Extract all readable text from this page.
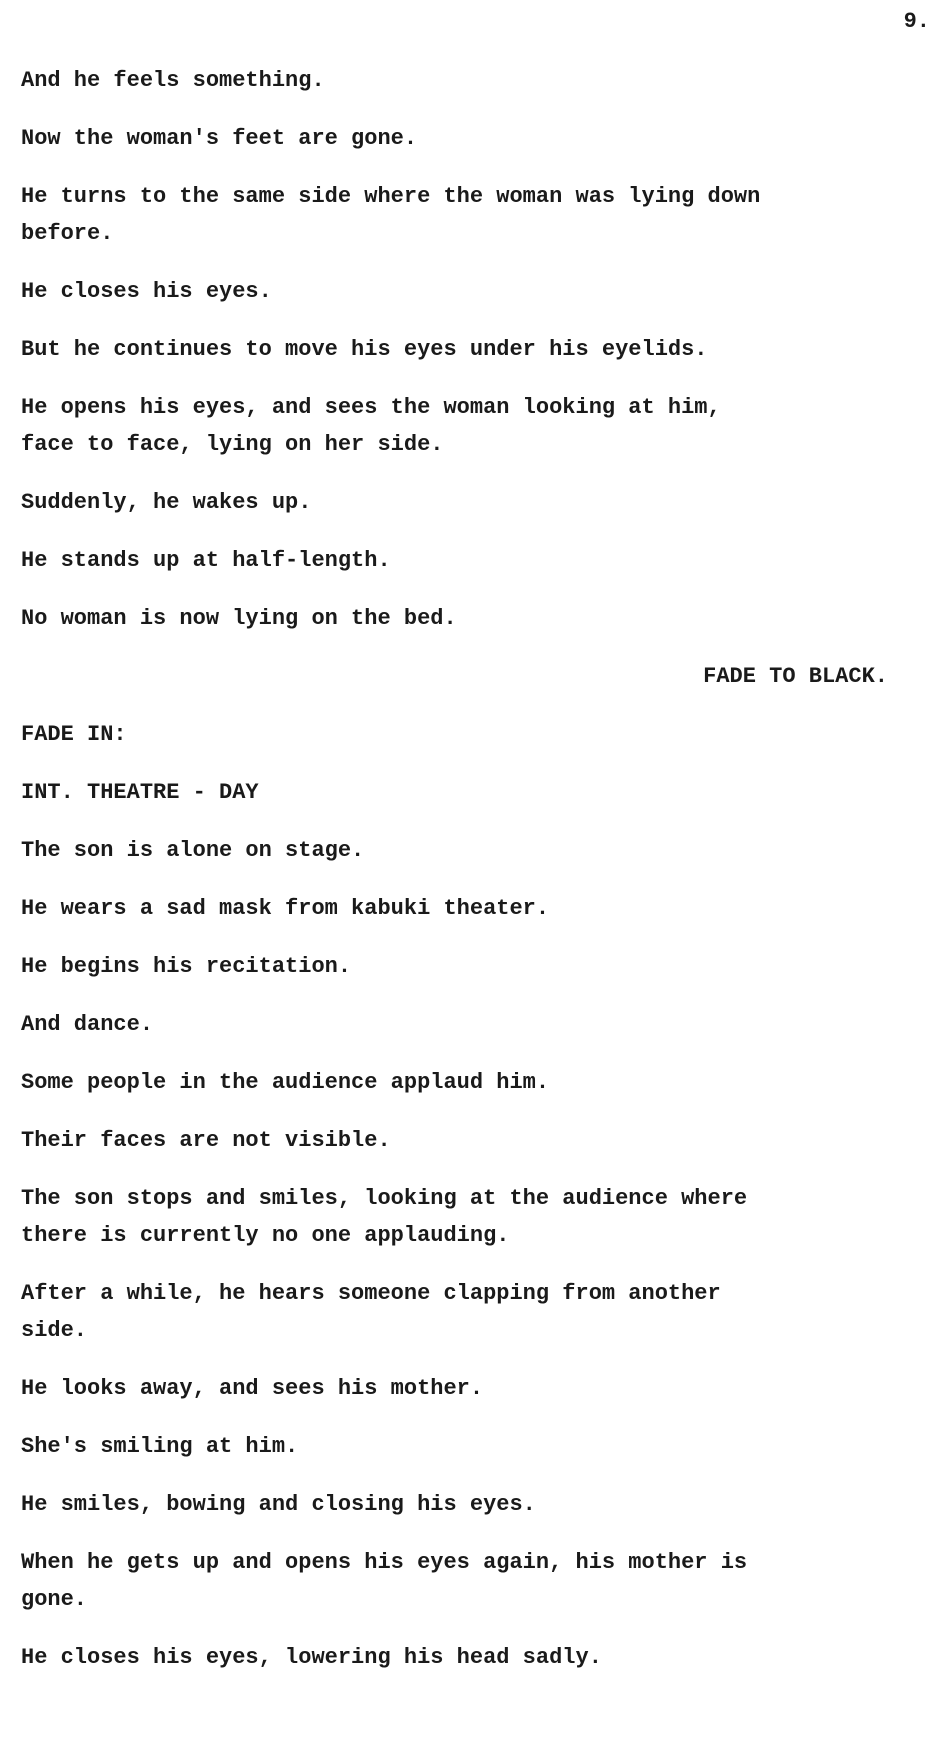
9.

And he feels something.

Now the woman's feet are gone.

He turns to the same side where the woman was lying down
before.

He closes his eyes.

But he continues to move his eyes under his eyelids.

He opens his eyes, and sees the woman looking at him,
face to face, lying on her side.

Suddenly, he wakes up.

He stands up at half-length.

No woman is now lying on the bed.

FADE TO BLACK.

FADE IN:

INT. THEATRE - DAY

The son is alone on stage.

He wears a sad mask from kabuki theater.

He begins his recitation.

And dance.

Some people in the audience applaud him.

Their faces are not visible.

The son stops and smiles, looking at the audience where
there is currently no one applauding.

After a while, he hears someone clapping from another
side.

He looks away, and sees his mother.

She's smiling at him.

He smiles, bowing and closing his eyes.

When he gets up and opens his eyes again, his mother is
gone.

He closes his eyes, lowering his head sadly.
